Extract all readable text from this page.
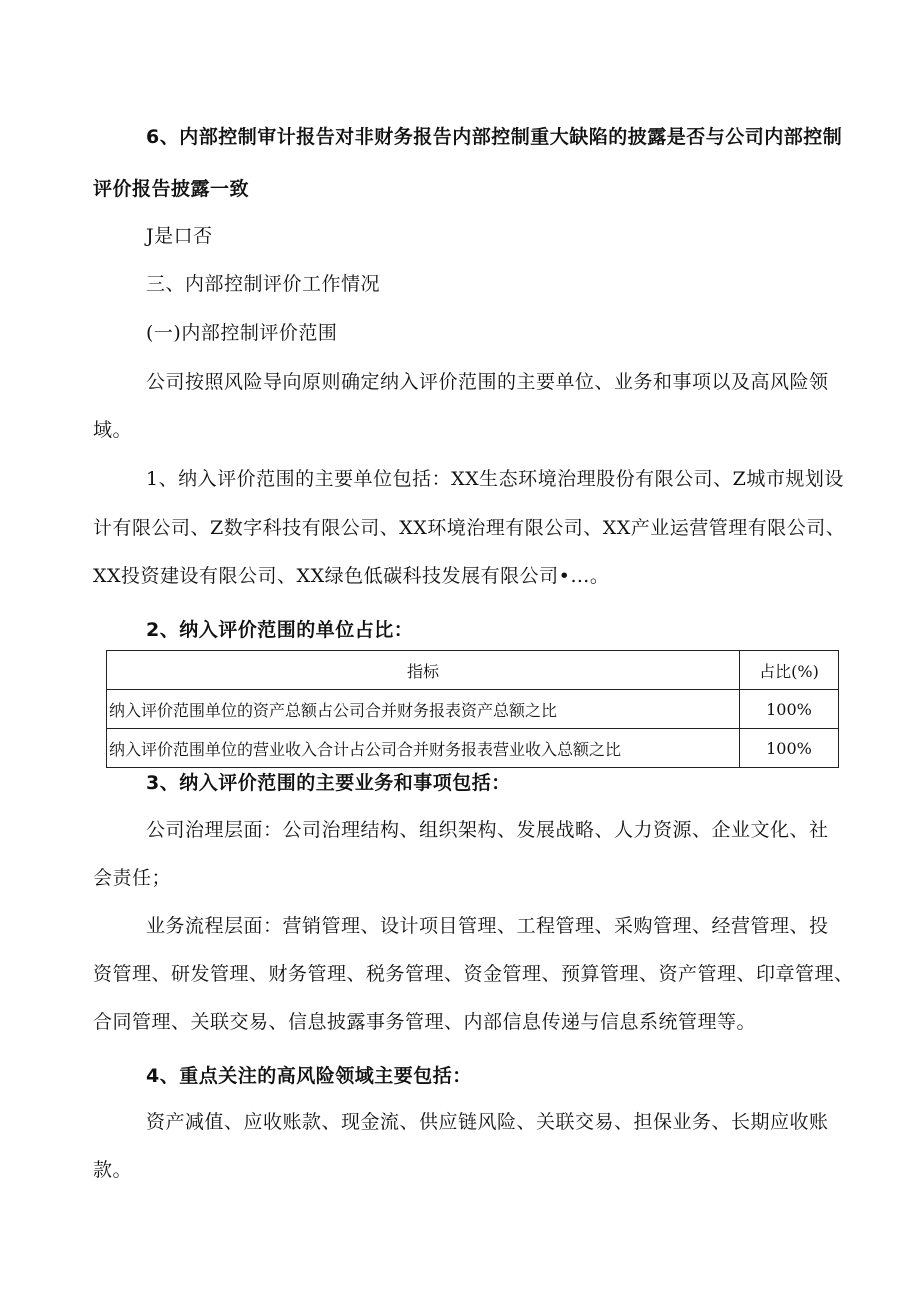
6、内部控制审计报告对非财务报告内部控制重大缺陷的披露是否与公司内部控制
评价报告披露一致
J是口否
三、内部控制评价工作情况
(一)内部控制评价范围
公司按照风险导向原则确定纳入评价范围的主要单位、业务和事项以及高风险领
域。
1、纳入评价范围的主要单位包括：XX生态环境治理股份有限公司、Z城市规划设
计有限公司、Z数字科技有限公司、XX环境治理有限公司、XX产业运营管理有限公司、
XX投资建设有限公司、XX绿色低碳科技发展有限公司•…。
2、纳入评价范围的单位占比：
指标	占比(%)
纳入评价范围单位的资产总额占公司合并财务报表资产总额之比	100%
纳入评价范围单位的营业收入合计占公司合并财务报表营业收入总额之比	100%
3、纳入评价范围的主要业务和事项包括：
公司治理层面：公司治理结构、组织架构、发展战略、人力资源、企业文化、社
会责任；
业务流程层面：营销管理、设计项目管理、工程管理、采购管理、经营管理、投
资管理、研发管理、财务管理、税务管理、资金管理、预算管理、资产管理、印章管理、
合同管理、关联交易、信息披露事务管理、内部信息传递与信息系统管理等。
4、重点关注的高风险领域主要包括：
资产减值、应收账款、现金流、供应链风险、关联交易、担保业务、长期应收账
款。
